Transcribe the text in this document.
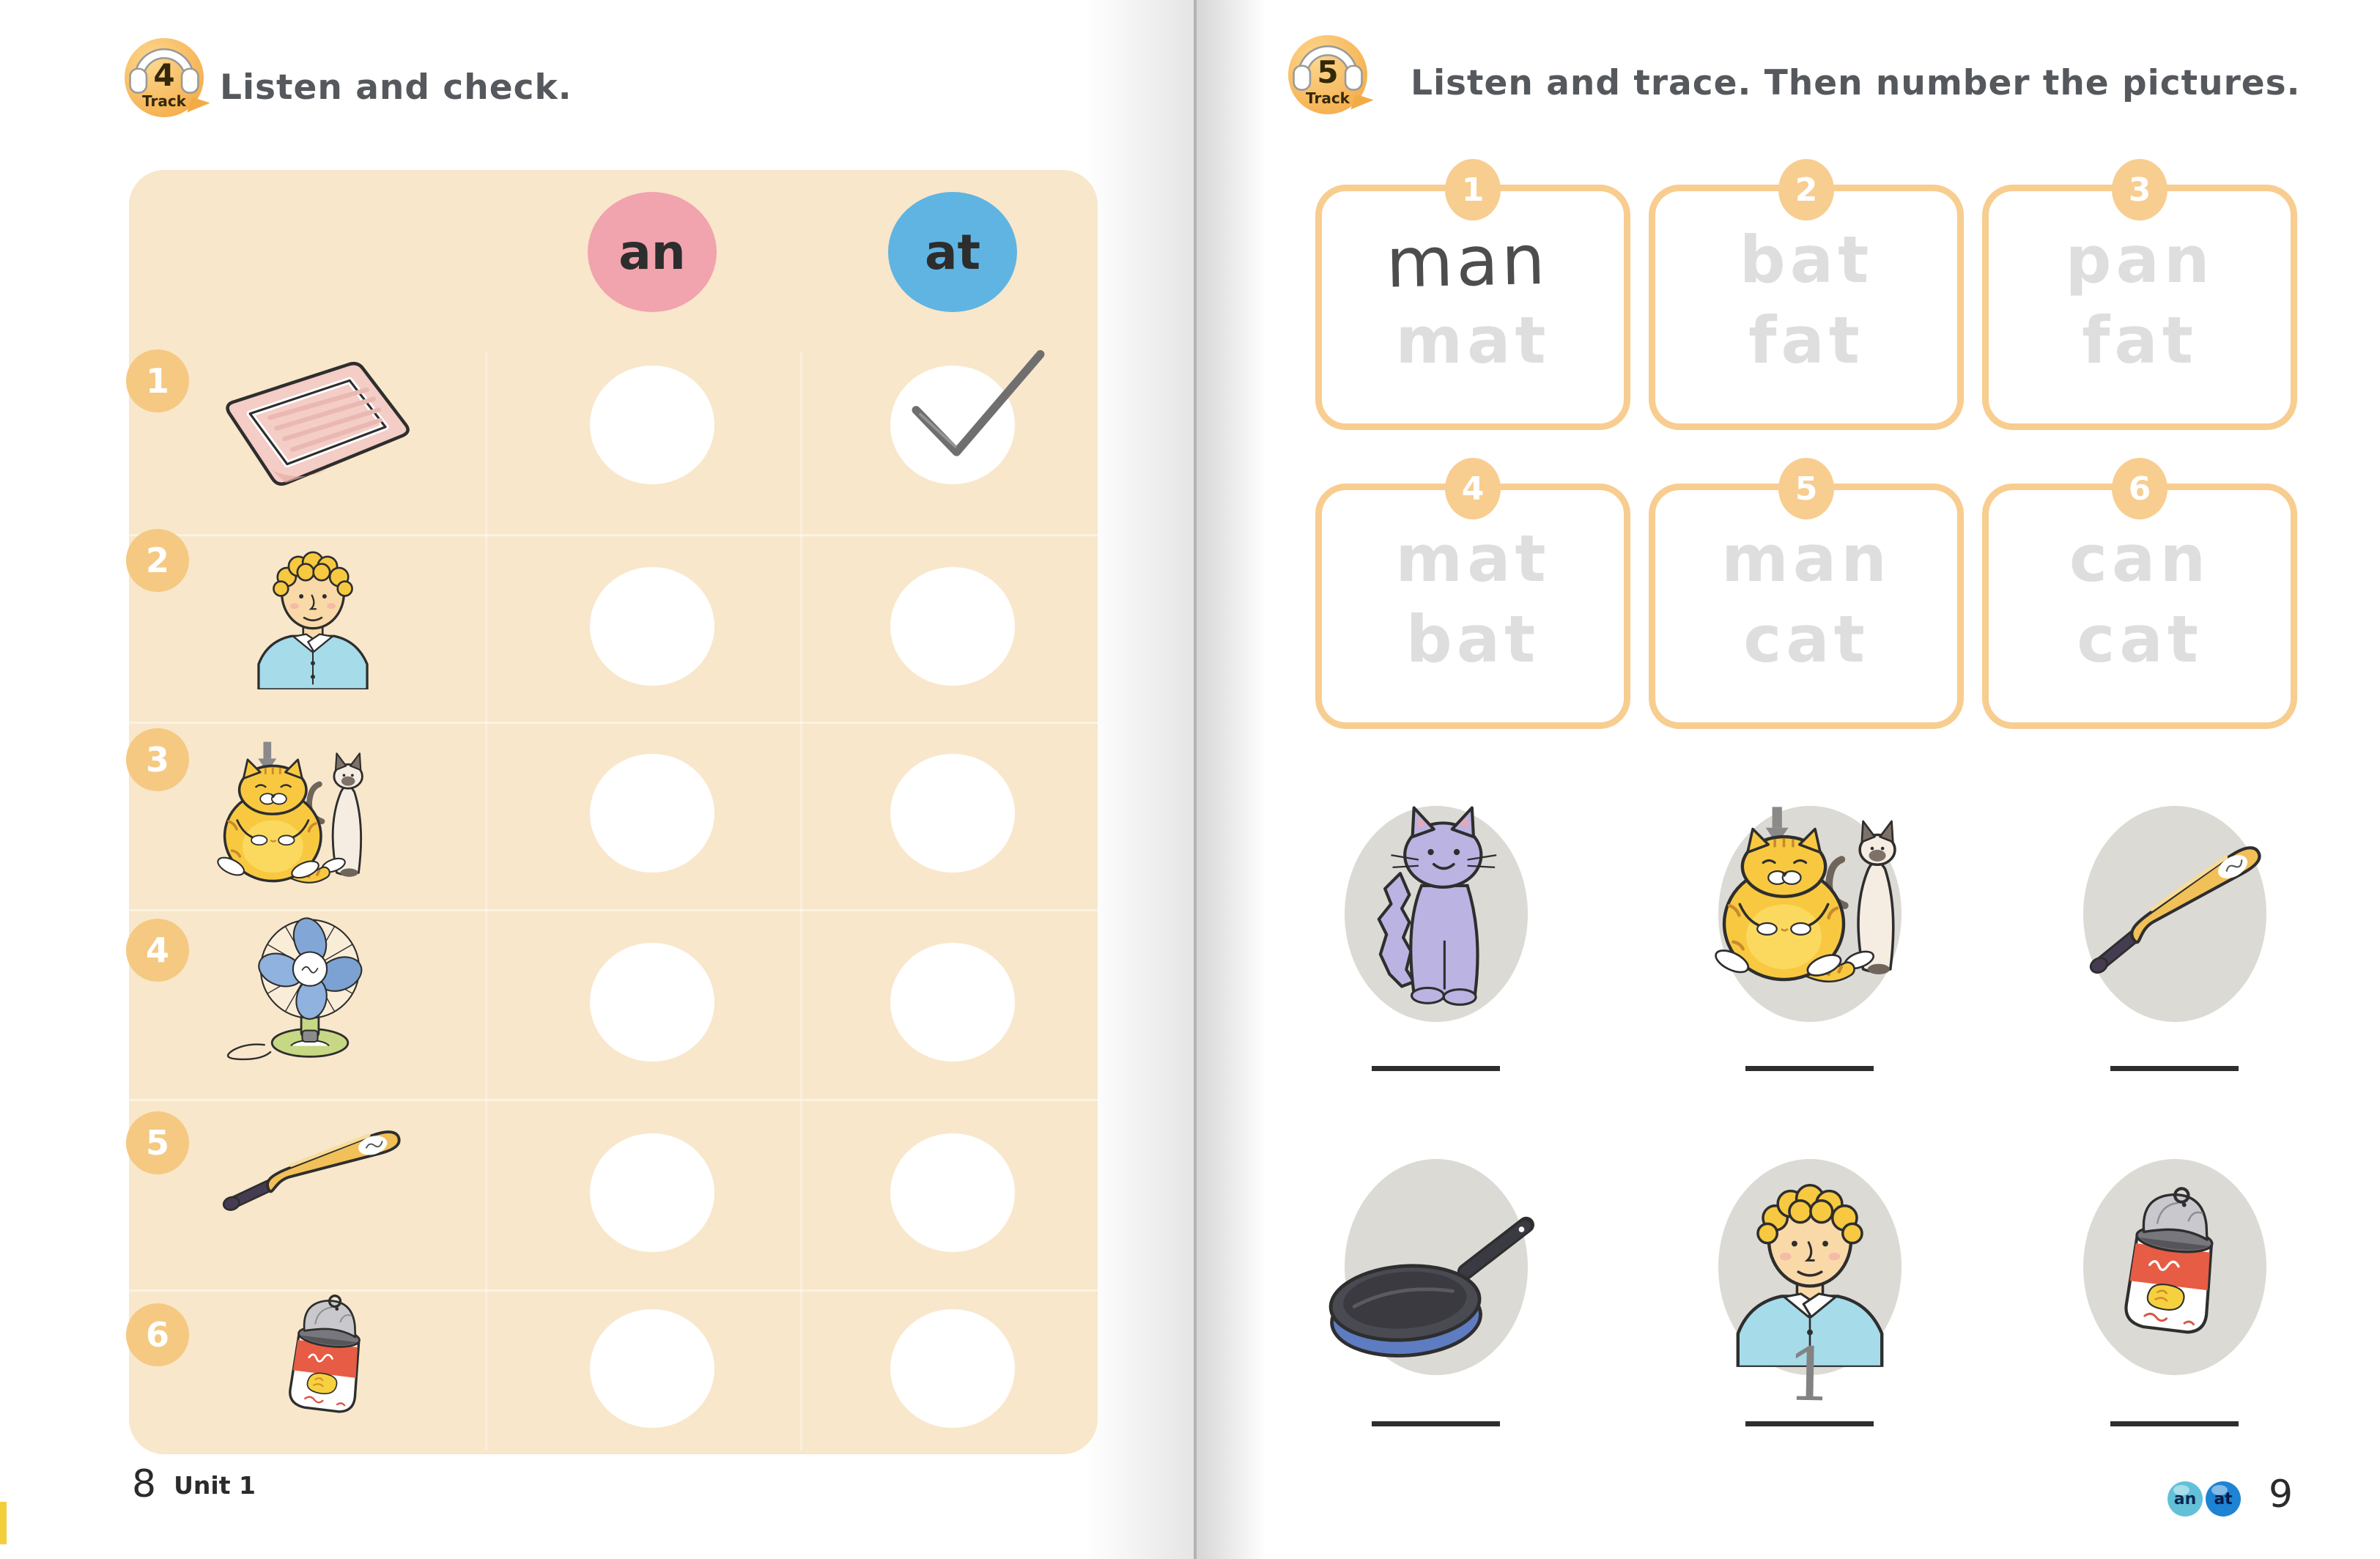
4
Track Listen and check.
an	at
1
2
3
4
5
6
8 Unit 1
5
Track	Listen and trace. Then number the pictures.
1
man
mat
2
bat
fat
3
pan
fat
4
mat
bat
5
man
cat
6
can
cat
1
an	at 9
